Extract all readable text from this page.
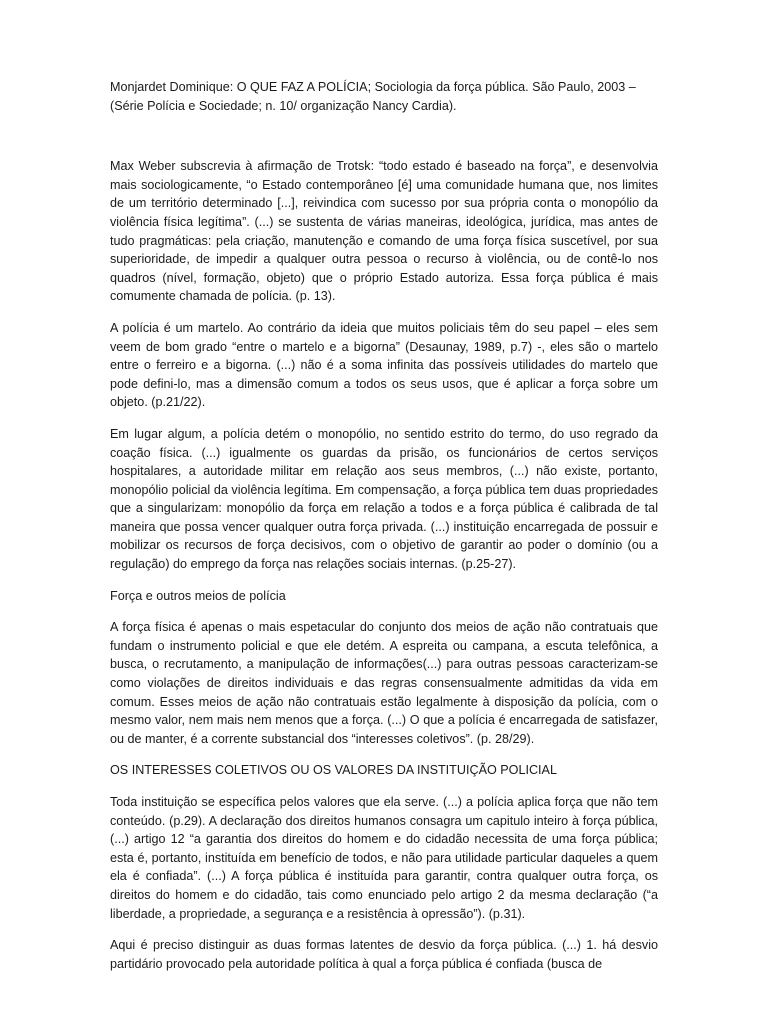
Monjardet Dominique: O QUE FAZ A POLÍCIA; Sociologia da força pública. São Paulo, 2003 – (Série Polícia e Sociedade; n. 10/ organização Nancy Cardia).

Max Weber subscrevia à afirmação de Trotsk: “todo estado é baseado na força”, e desenvolvia mais sociologicamente, “o Estado contemporâneo [é] uma comunidade humana que, nos limites de um território determinado [...], reivindica com sucesso por sua própria conta o monopólio da violência física legítima”. (...) se sustenta de várias maneiras, ideológica, jurídica, mas antes de tudo pragmáticas: pela criação, manutenção e comando de uma força física suscetível, por sua superioridade, de impedir a qualquer outra pessoa o recurso à violência, ou de contê-lo nos quadros (nível, formação, objeto) que o próprio Estado autoriza. Essa força pública é mais comumente chamada de polícia. (p. 13).

A polícia é um martelo. Ao contrário da ideia que muitos policiais têm do seu papel – eles sem veem de bom grado “entre o martelo e a bigorna” (Desaunay, 1989, p.7) -, eles são o martelo entre o ferreiro e a bigorna. (...) não é a soma infinita das possíveis utilidades do martelo que pode defini-lo, mas a dimensão comum a todos os seus usos, que é aplicar a força sobre um objeto. (p.21/22).

Em lugar algum, a polícia detém o monopólio, no sentido estrito do termo, do uso regrado da coação física. (...) igualmente os guardas da prisão, os funcionários de certos serviços hospitalares, a autoridade militar em relação aos seus membros, (...) não existe, portanto, monopólio policial da violência legítima. Em compensação, a força pública tem duas propriedades que a singularizam: monopólio da força em relação a todos e a força pública é calibrada de tal maneira que possa vencer qualquer outra força privada. (...) instituição encarregada de possuir e mobilizar os recursos de força decisivos, com o objetivo de garantir ao poder o domínio (ou a regulação) do emprego da força nas relações sociais internas. (p.25-27).

Força e outros meios de polícia

A força física é apenas o mais espetacular do conjunto dos meios de ação não contratuais que fundam o instrumento policial e que ele detém. A espreita ou campana, a escuta telefônica, a busca, o recrutamento, a manipulação de informações(...) para outras pessoas caracterizam-se como violações de direitos individuais e das regras consensualmente admitidas da vida em comum. Esses meios de ação não contratuais estão legalmente à disposição da polícia, com o mesmo valor, nem mais nem menos que a força. (...) O que a polícia é encarregada de satisfazer, ou de manter, é a corrente substancial dos “interesses coletivos”. (p. 28/29).

OS INTERESSES COLETIVOS OU OS VALORES DA INSTITUIÇÃO POLICIAL

Toda instituição se específica pelos valores que ela serve. (...) a polícia aplica força que não tem conteúdo. (p.29). A declaração dos direitos humanos consagra um capitulo inteiro à força pública, (...) artigo 12 “a garantia dos direitos do homem e do cidadão necessita de uma força pública; esta é, portanto, instituída em benefício de todos, e não para utilidade particular daqueles a quem ela é confiada”. (...) A força pública é instituída para garantir, contra qualquer outra força, os direitos do homem e do cidadão, tais como enunciado pelo artigo 2 da mesma declaração (“a liberdade, a propriedade, a segurança e a resistência à opressão”). (p.31).

Aqui é preciso distinguir as duas formas latentes de desvio da força pública. (...) 1. há desvio partidário provocado pela autoridade política à qual a força pública é confiada (busca de
